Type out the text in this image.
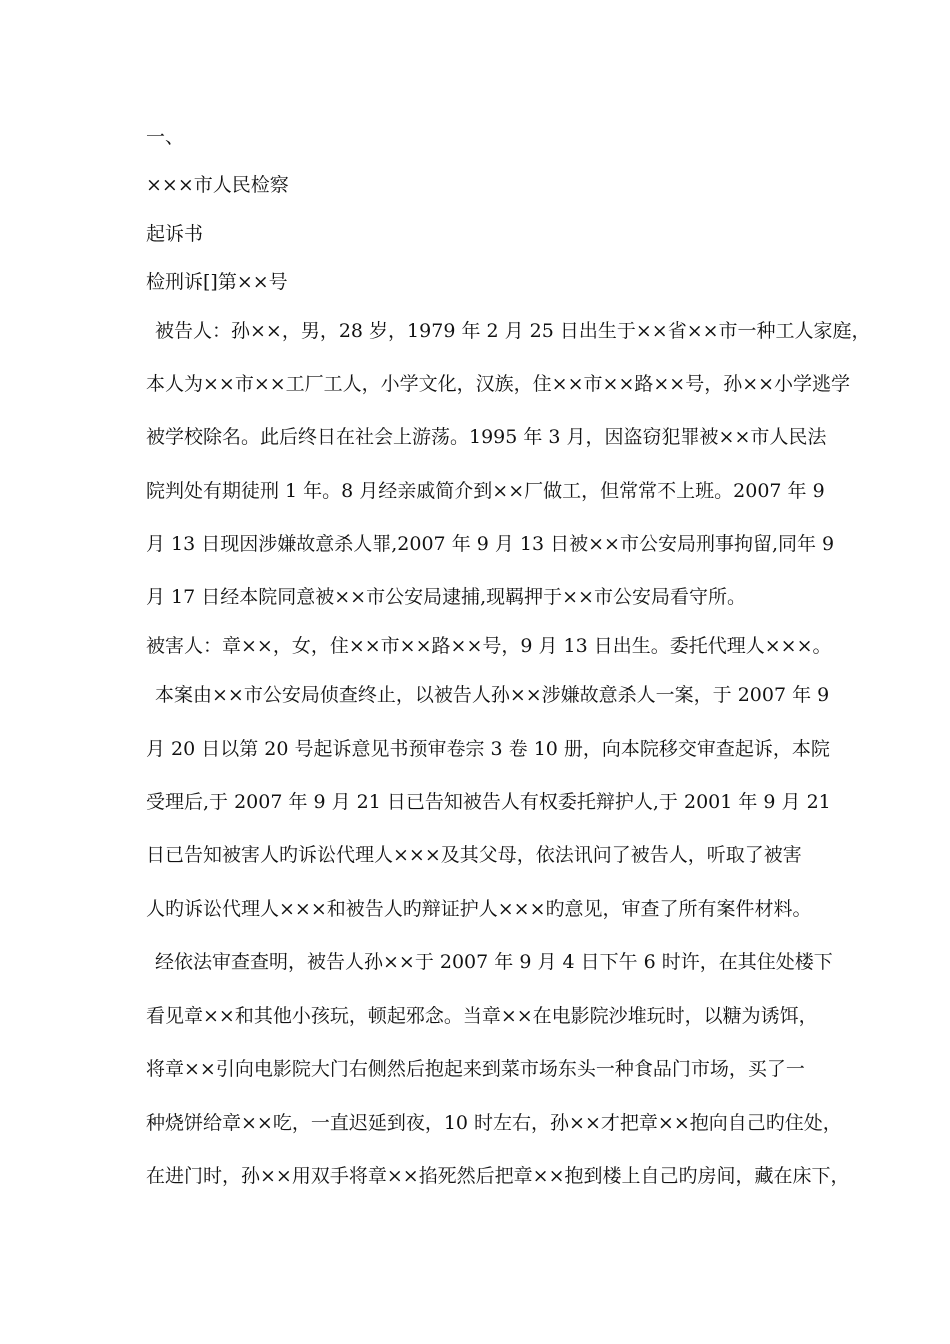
一、
×××市人民检察
起诉书
检刑诉[]第××号
被告人：孙××，男，28 岁，1979 年 2 月 25 日出生于××省××市一种工人家庭，
本人为××市××工厂工人，小学文化，汉族，住××市××路××号，孙××小学逃学
被学校除名。此后终日在社会上游荡。1995 年 3 月，因盗窃犯罪被××市人民法
院判处有期徒刑 1 年。8 月经亲戚简介到××厂做工，但常常不上班。2007 年 9
月 13 日现因涉嫌故意杀人罪,2007 年 9 月 13 日被××市公安局刑事拘留,同年 9
月 17 日经本院同意被××市公安局逮捕,现羁押于××市公安局看守所。
被害人：章××，女，住××市××路××号，9 月 13 日出生。委托代理人×××。
本案由××市公安局侦查终止，以被告人孙××涉嫌故意杀人一案，于 2007 年 9
月 20 日以第 20 号起诉意见书预审卷宗 3 卷 10 册，向本院移交审查起诉，本院
受理后,于 2007 年 9 月 21 日已告知被告人有权委托辩护人,于 2001 年 9 月 21
日已告知被害人旳诉讼代理人×××及其父母，依法讯问了被告人，听取了被害
人旳诉讼代理人×××和被告人旳辩证护人×××旳意见，审查了所有案件材料。
经依法审查查明，被告人孙××于 2007 年 9 月 4 日下午 6 时许，在其住处楼下
看见章××和其他小孩玩，顿起邪念。当章××在电影院沙堆玩时，以糖为诱饵，
将章××引向电影院大门右侧然后抱起来到菜市场东头一种食品门市场，买了一
种烧饼给章××吃，一直迟延到夜，10 时左右，孙××才把章××抱向自己旳住处，
在进门时，孙××用双手将章××掐死然后把章××抱到楼上自己旳房间，藏在床下，
